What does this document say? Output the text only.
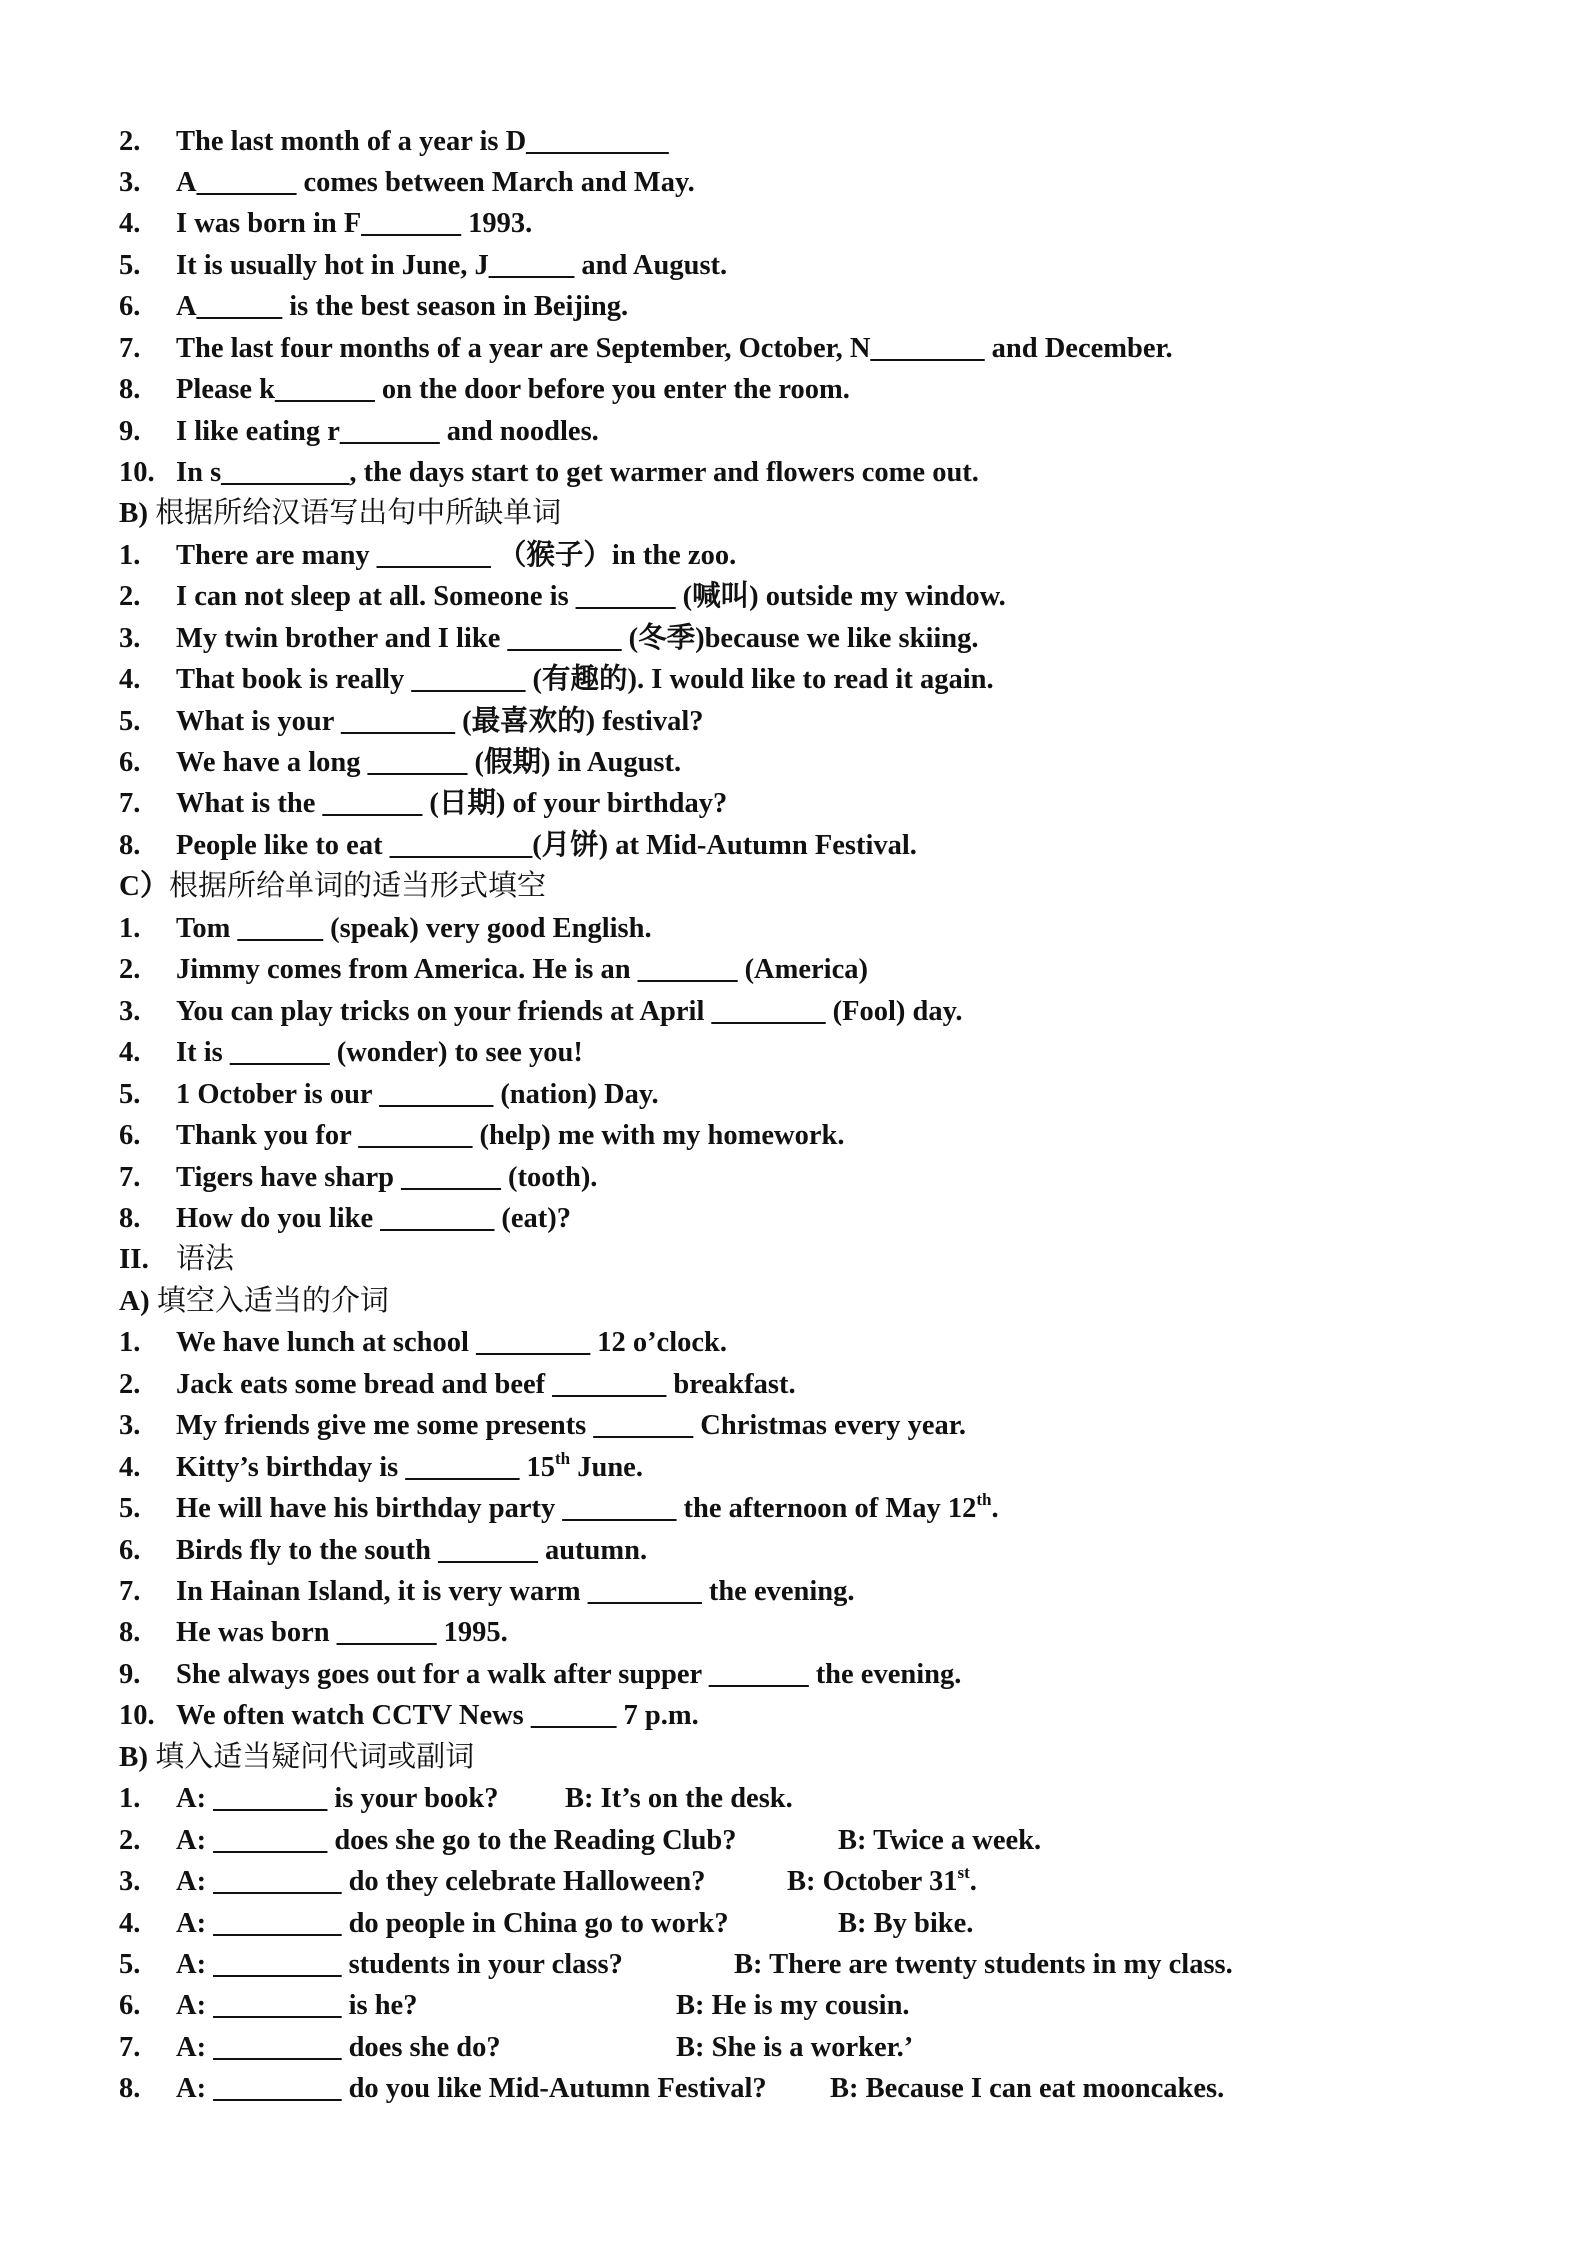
2. The last month of a year is D__________
3. A_______ comes between March and May.
4. I was born in F_______ 1993.
5. It is usually hot in June, J______ and August.
6. A______ is the best season in Beijing.
7. The last four months of a year are September, October, N________ and December.
8. Please k_______ on the door before you enter the room.
9. I like eating r_______ and noodles.
10. In s_________, the days start to get warmer and flowers come out.
B) 根据所给汉语写出句中所缺单词
1. There are many ________ （猴子）in the zoo.
2. I can not sleep at all. Someone is _______ (喊叫) outside my window.
3. My twin brother and I like ________ (冬季)because we like skiing.
4. That book is really ________ (有趣的). I would like to read it again.
5. What is your ________ (最喜欢的) festival?
6. We have a long _______ (假期) in August.
7. What is the _______ (日期) of your birthday?
8. People like to eat __________(月饼) at Mid-Autumn Festival.
C）根据所给单词的适当形式填空
1. Tom ______ (speak) very good English.
2. Jimmy comes from America. He is an _______ (America)
3. You can play tricks on your friends at April ________ (Fool) day.
4. It is _______ (wonder) to see you!
5. 1 October is our ________ (nation) Day.
6. Thank you for ________ (help) me with my homework.
7. Tigers have sharp _______ (tooth).
8. How do you like ________ (eat)?
II. 语法
A) 填空入适当的介词
1. We have lunch at school ________ 12 o’clock.
2. Jack eats some bread and beef ________ breakfast.
3. My friends give me some presents _______ Christmas every year.
4. Kitty’s birthday is ________ 15th June.
5. He will have his birthday party ________ the afternoon of May 12th.
6. Birds fly to the south _______ autumn.
7. In Hainan Island, it is very warm ________ the evening.
8. He was born _______ 1995.
9. She always goes out for a walk after supper _______ the evening.
10. We often watch CCTV News ______ 7 p.m.
B) 填入适当疑问代词或副词
1. A: ________ is your book? B: It’s on the desk.
2. A: ________ does she go to the Reading Club?	B: Twice a week.
3. A: _________ do they celebrate Halloween?	B: October 31st.
4. A: _________ do people in China go to work?	B: By bike.
5. A: _________ students in your class?	B: There are twenty students in my class.
6. A: _________ is he?	B: He is my cousin.
7. A: _________ does she do?	B: She is a worker.’
8. A: _________ do you like Mid-Autumn Festival? B: Because I can eat mooncakes.
